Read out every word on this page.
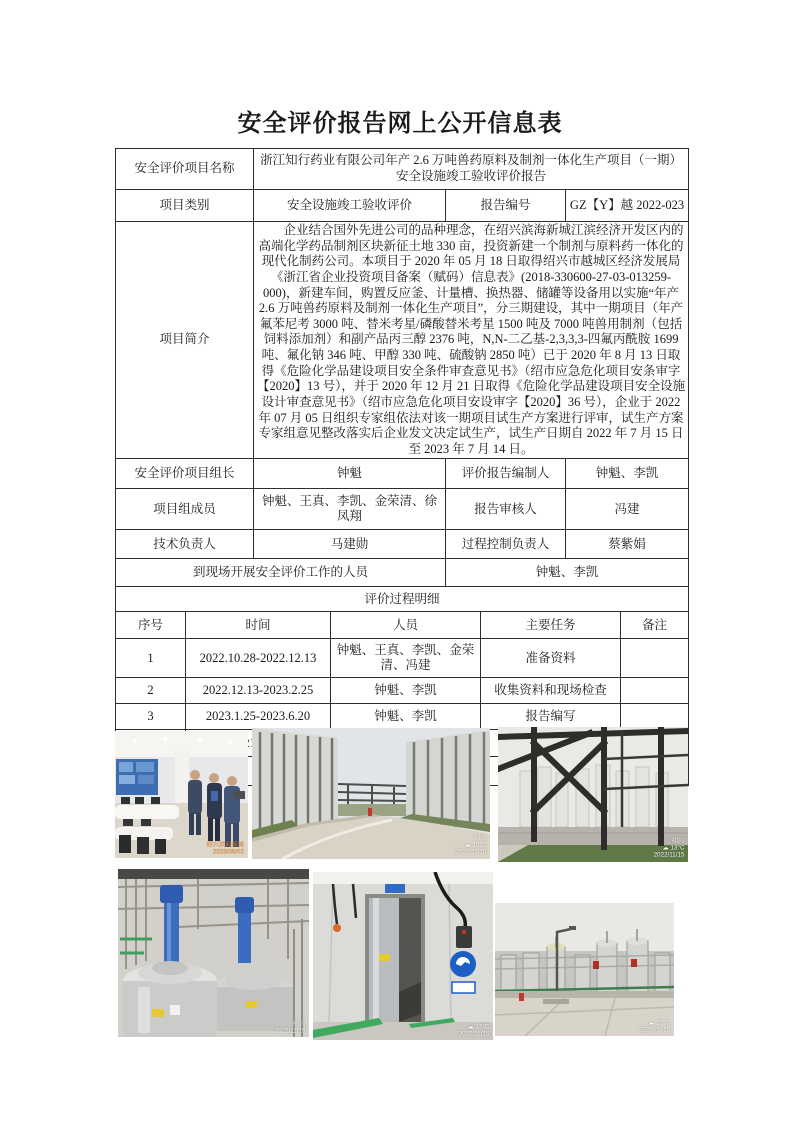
安全评价报告网上公开信息表
安全评价项目名称		浙江知行药业有限公司年产 2.6 万吨兽药原料及制剂一体化生产项目（一期）安全设施竣工验收评价报告					
项目类别		安全设施竣工验收评价		报告编号		GZ【Y】越 2022-023	
项目简介		企业结合国外先进公司的品种理念，在绍兴滨海新城江滨经济开发区内的高端化学药品制剂区块新征土地 330 亩，投资新建一个制剂与原料药一体化的现代化制药公司。本项目于 2020 年 05 月 18 日取得绍兴市越城区经济发展局《浙江省企业投资项目备案（赋码）信息表》(2018-330600-27-03-013259-000)，新建车间，购置反应釜、计量槽、换热器、储罐等设备用以实施“年产 2.6 万吨兽药原料及制剂一体化生产项目”，分三期建设，其中一期项目（年产氟苯尼考 3000 吨、替米考星/磷酸替米考星 1500 吨及 7000 吨兽用制剂（包括饲料添加剂）和副产品丙三醇 2376 吨，N,N-二乙基-2,3,3,3-四氟丙酰胺 1699 吨、氟化钠 346 吨、甲醇 330 吨、硫酸钠 2850 吨）已于 2020 年 8 月 13 日取得《危险化学品建设项目安全条件审查意见书》（绍市应急危化项目安条审字【2020】13 号），并于 2020 年 12 月 21 日取得《危险化学品建设项目安全设施设计审查意见书》（绍市应急危化项目安设审字【2020】36 号），企业于 2022 年 07 月 05 日组织专家组依法对该一期项目试生产方案进行评审，试生产方案专家组意见整改落实后企业发文决定试生产，试生产日期自 2022 年 7 月 15 日至 2023 年 7 月 14 日。					
安全评价项目组长		钟魁		评价报告编制人		钟魁、李凯	
项目组成员		钟魁、王真、李凯、金荣清、徐凤翔		报告审核人		冯建	
技术负责人		马建勋		过程控制负责人		蔡紫娟	
到现场开展安全评价工作的人员				钟魁、李凯			
评价过程明细							
序号	时间		人员		主要任务		备注
1	2022.10.28-2022.12.13		钟魁、王真、李凯、金荣清、冯建		准备资料		
2	2022.12.13-2023.2.25		钟魁、李凯		收集资料和现场检查		
3	2023.1.25-2023.6.20		钟魁、李凯		报告编写		

绍兴滨海新城
2023/06/02
绍兴
☁ 13°C
2022/11/15
绍兴
☁ 13°C
2022/11/15
绍兴
2022/11/15
☁ 13°C
2022/11/15
☁ 13°C
2023/05/16
